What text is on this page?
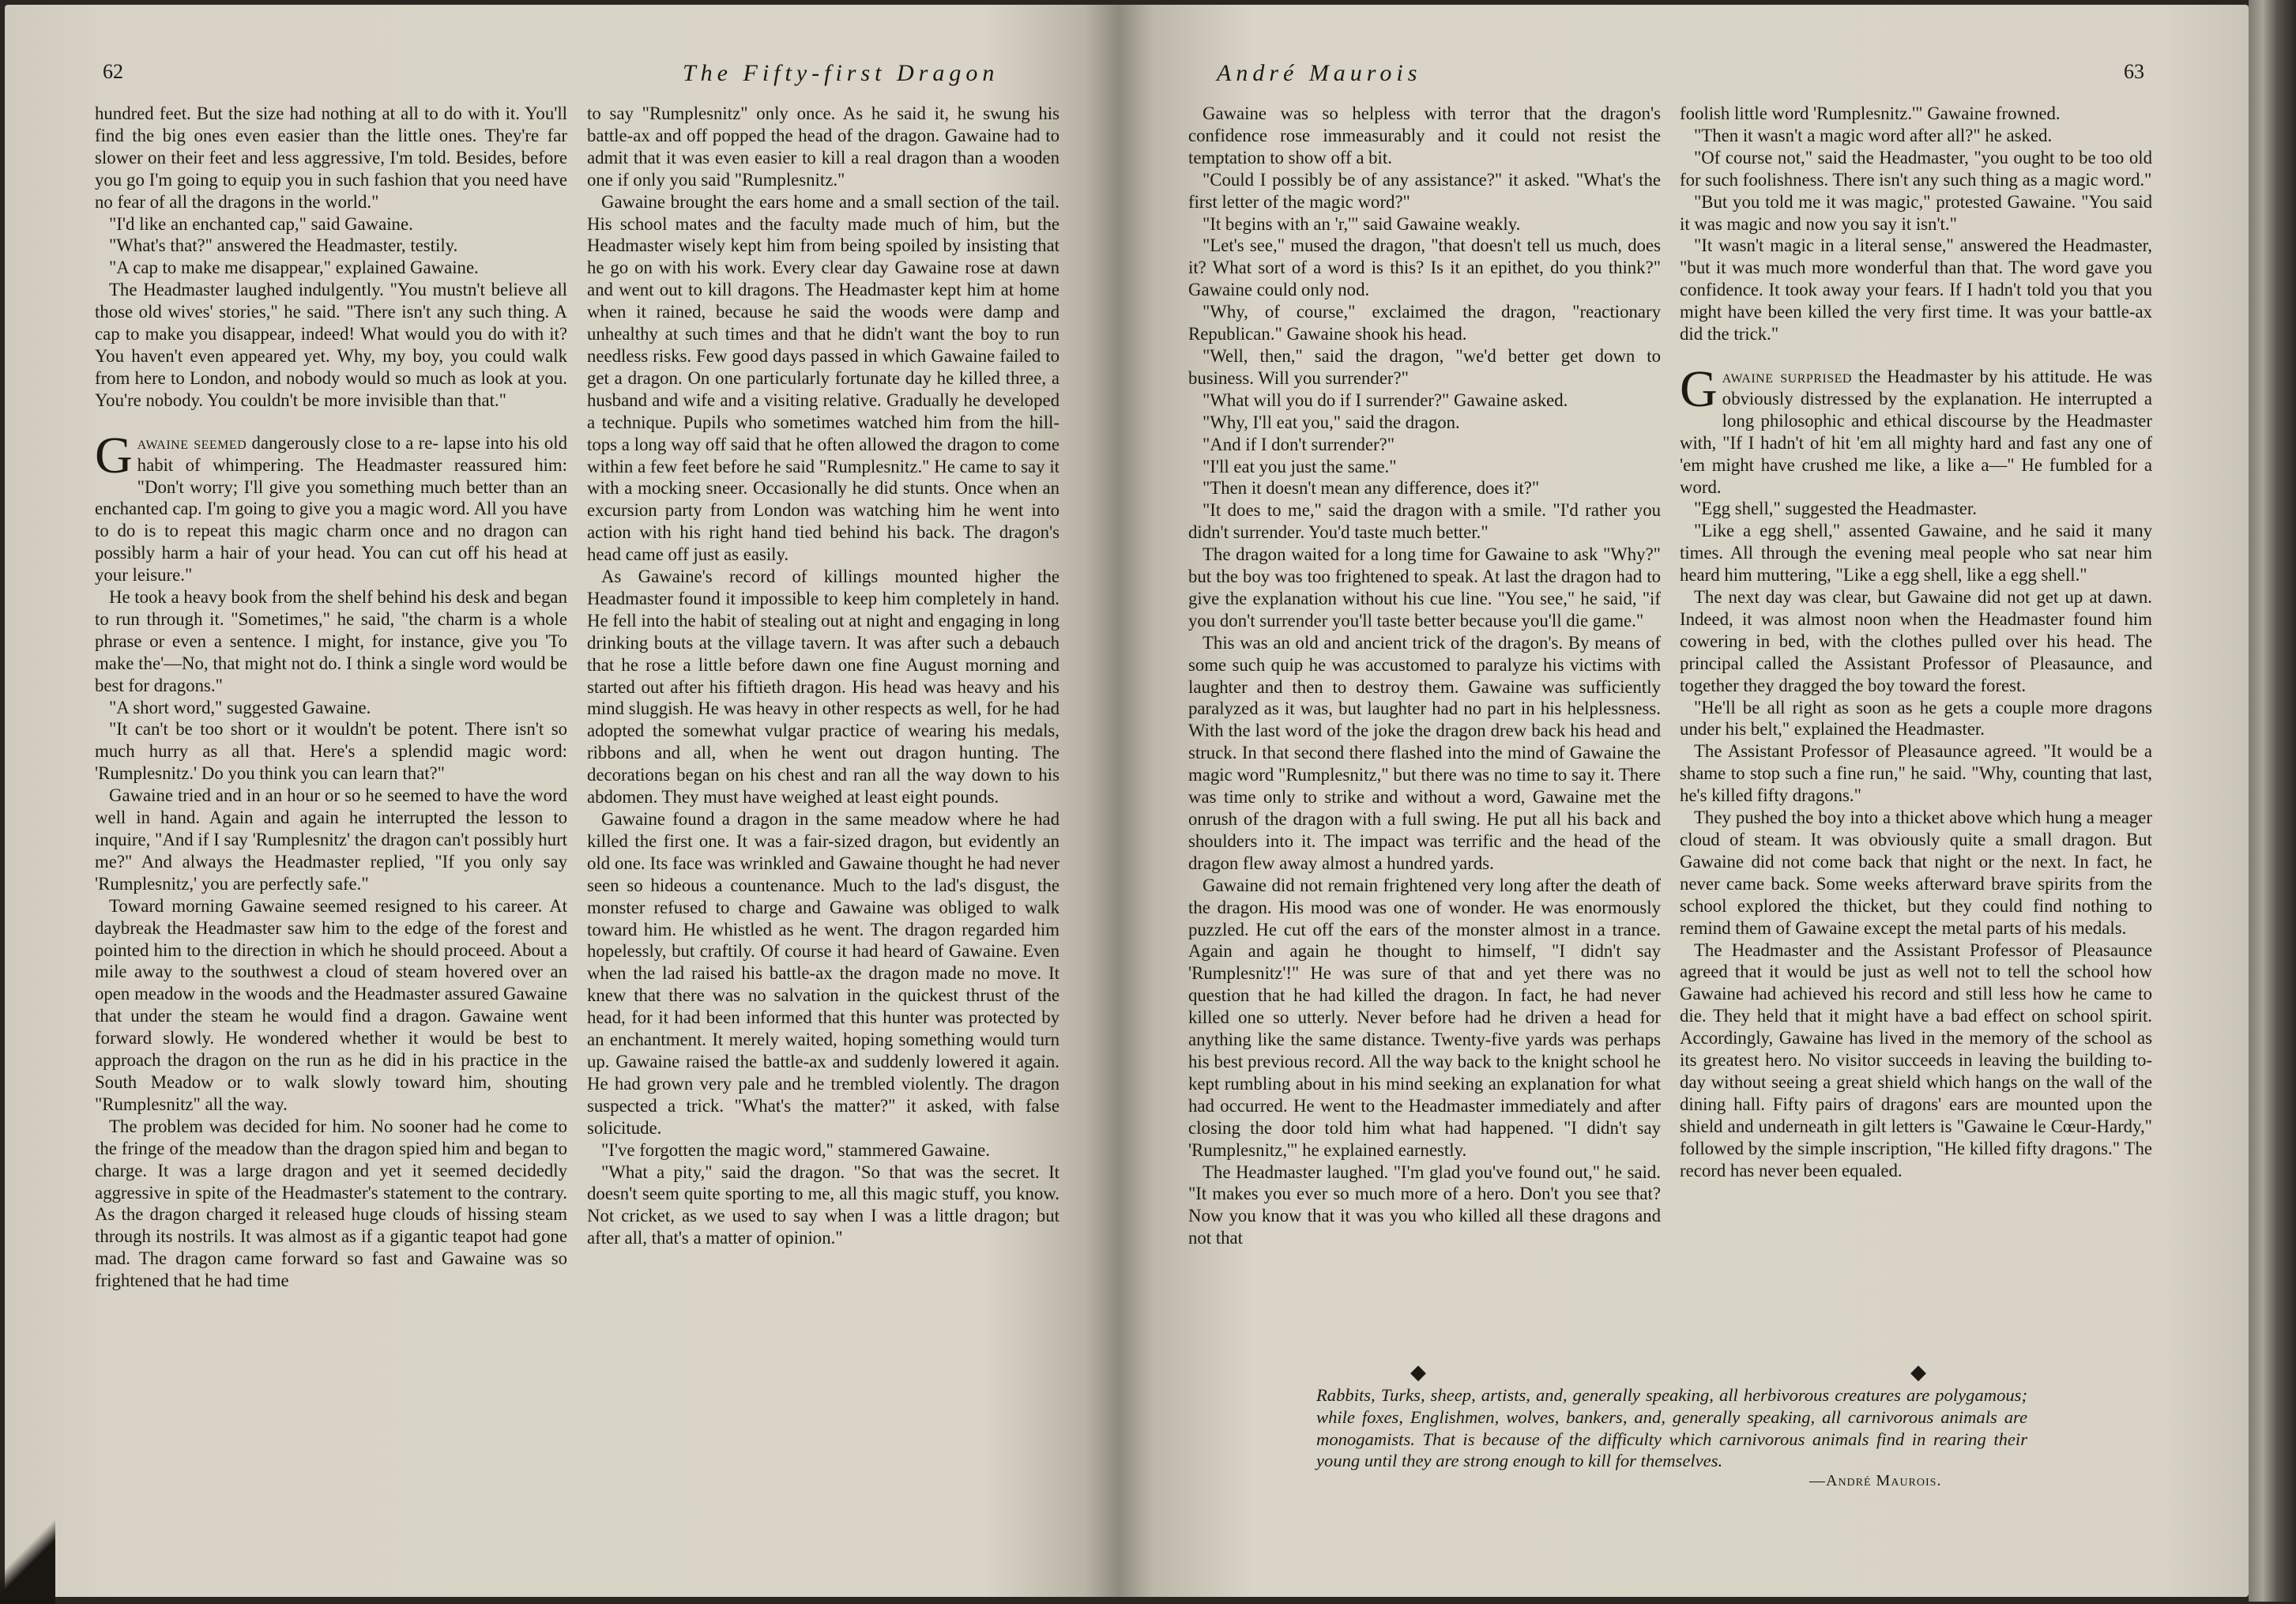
62	The Fifty-first Dragon

hundred feet. But the size had nothing at all to do with it. You'll find the big ones even easier than the little ones. They're far slower on their feet and less aggressive, I'm told. Besides, before you go I'm going to equip you in such fashion that you need have no fear of all the dragons in the world."

"I'd like an enchanted cap," said Gawaine.

"What's that?" answered the Headmaster, testily.

"A cap to make me disappear," explained Gawaine.

The Headmaster laughed indulgently. "You mustn't believe all those old wives' stories," he said. "There isn't any such thing. A cap to make you disappear, indeed! What would you do with it? You haven't even appeared yet. Why, my boy, you could walk from here to London, and nobody would so much as look at you. You're nobody. You couldn't be more invisible than that."

Gawaine seemed dangerously close to a re- lapse into his old habit of whimpering. The Headmaster reassured him: "Don't worry; I'll give you something much better than an enchanted cap. I'm going to give you a magic word. All you have to do is to repeat this magic charm once and no dragon can possibly harm a hair of your head. You can cut off his head at your leisure."

He took a heavy book from the shelf behind his desk and began to run through it. "Sometimes," he said, "the charm is a whole phrase or even a sentence. I might, for instance, give you 'To make the'—No, that might not do. I think a single word would be best for dragons."

"A short word," suggested Gawaine.

"It can't be too short or it wouldn't be potent. There isn't so much hurry as all that. Here's a splendid magic word: 'Rumplesnitz.' Do you think you can learn that?"

Gawaine tried and in an hour or so he seemed to have the word well in hand. Again and again he interrupted the lesson to inquire, "And if I say 'Rumplesnitz' the dragon can't possibly hurt me?" And always the Headmaster replied, "If you only say 'Rumplesnitz,' you are perfectly safe."

Toward morning Gawaine seemed resigned to his career. At daybreak the Headmaster saw him to the edge of the forest and pointed him to the direction in which he should proceed. About a mile away to the southwest a cloud of steam hovered over an open meadow in the woods and the Headmaster assured Gawaine that under the steam he would find a dragon. Gawaine went forward slowly. He wondered whether it would be best to approach the dragon on the run as he did in his practice in the South Meadow or to walk slowly toward him, shouting "Rumplesnitz" all the way.

The problem was decided for him. No sooner had he come to the fringe of the meadow than the dragon spied him and began to charge. It was a large dragon and yet it seemed decidedly aggressive in spite of the Headmaster's statement to the contrary. As the dragon charged it released huge clouds of hissing steam through its nostrils. It was almost as if a gigantic teapot had gone mad. The dragon came forward so fast and Gawaine was so frightened that he had time

to say "Rumplesnitz" only once. As he said it, he swung his battle-ax and off popped the head of the dragon. Gawaine had to admit that it was even easier to kill a real dragon than a wooden one if only you said "Rumplesnitz."

Gawaine brought the ears home and a small section of the tail. His school mates and the faculty made much of him, but the Headmaster wisely kept him from being spoiled by insisting that he go on with his work. Every clear day Gawaine rose at dawn and went out to kill dragons. The Headmaster kept him at home when it rained, because he said the woods were damp and unhealthy at such times and that he didn't want the boy to run needless risks. Few good days passed in which Gawaine failed to get a dragon. On one particularly fortunate day he killed three, a husband and wife and a visiting relative. Gradually he developed a technique. Pupils who sometimes watched him from the hill-tops a long way off said that he often allowed the dragon to come within a few feet before he said "Rumplesnitz." He came to say it with a mocking sneer. Occasionally he did stunts. Once when an excursion party from London was watching him he went into action with his right hand tied behind his back. The dragon's head came off just as easily.

As Gawaine's record of killings mounted higher the Headmaster found it impossible to keep him completely in hand. He fell into the habit of stealing out at night and engaging in long drinking bouts at the village tavern. It was after such a debauch that he rose a little before dawn one fine August morning and started out after his fiftieth dragon. His head was heavy and his mind sluggish. He was heavy in other respects as well, for he had adopted the somewhat vulgar practice of wearing his medals, ribbons and all, when he went out dragon hunting. The decorations began on his chest and ran all the way down to his abdomen. They must have weighed at least eight pounds.

Gawaine found a dragon in the same meadow where he had killed the first one. It was a fair-sized dragon, but evidently an old one. Its face was wrinkled and Gawaine thought he had never seen so hideous a countenance. Much to the lad's disgust, the monster refused to charge and Gawaine was obliged to walk toward him. He whistled as he went. The dragon regarded him hopelessly, but craftily. Of course it had heard of Gawaine. Even when the lad raised his battle-ax the dragon made no move. It knew that there was no salvation in the quickest thrust of the head, for it had been informed that this hunter was protected by an enchantment. It merely waited, hoping something would turn up. Gawaine raised the battle-ax and suddenly lowered it again. He had grown very pale and he trembled violently. The dragon suspected a trick. "What's the matter?" it asked, with false solicitude.

"I've forgotten the magic word," stammered Gawaine.

"What a pity," said the dragon. "So that was the secret. It doesn't seem quite sporting to me, all this magic stuff, you know. Not cricket, as we used to say when I was a little dragon; but after all, that's a matter of opinion."

André Maurois	63

Gawaine was so helpless with terror that the dragon's confidence rose immeasurably and it could not resist the temptation to show off a bit.

"Could I possibly be of any assistance?" it asked. "What's the first letter of the magic word?"

"It begins with an 'r,'" said Gawaine weakly.

"Let's see," mused the dragon, "that doesn't tell us much, does it? What sort of a word is this? Is it an epithet, do you think?" Gawaine could only nod.

"Why, of course," exclaimed the dragon, "reactionary Republican." Gawaine shook his head.

"Well, then," said the dragon, "we'd better get down to business. Will you surrender?"

"What will you do if I surrender?" Gawaine asked.

"Why, I'll eat you," said the dragon.

"And if I don't surrender?"

"I'll eat you just the same."

"Then it doesn't mean any difference, does it?"

"It does to me," said the dragon with a smile. "I'd rather you didn't surrender. You'd taste much better."

The dragon waited for a long time for Gawaine to ask "Why?" but the boy was too frightened to speak. At last the dragon had to give the explanation without his cue line. "You see," he said, "if you don't surrender you'll taste better because you'll die game."

This was an old and ancient trick of the dragon's. By means of some such quip he was accustomed to paralyze his victims with laughter and then to destroy them. Gawaine was sufficiently paralyzed as it was, but laughter had no part in his helplessness. With the last word of the joke the dragon drew back his head and struck. In that second there flashed into the mind of Gawaine the magic word "Rumplesnitz," but there was no time to say it. There was time only to strike and without a word, Gawaine met the onrush of the dragon with a full swing. He put all his back and shoulders into it. The impact was terrific and the head of the dragon flew away almost a hundred yards.

Gawaine did not remain frightened very long after the death of the dragon. His mood was one of wonder. He was enormously puzzled. He cut off the ears of the monster almost in a trance. Again and again he thought to himself, "I didn't say 'Rumplesnitz'!" He was sure of that and yet there was no question that he had killed the dragon. In fact, he had never killed one so utterly. Never before had he driven a head for anything like the same distance. Twenty-five yards was perhaps his best previous record. All the way back to the knight school he kept rumbling about in his mind seeking an explanation for what had occurred. He went to the Headmaster immediately and after closing the door told him what had happened. "I didn't say 'Rumplesnitz,'" he explained earnestly.

The Headmaster laughed. "I'm glad you've found out," he said. "It makes you ever so much more of a hero. Don't you see that? Now you know that it was you who killed all these dragons and not that

foolish little word 'Rumplesnitz.'" Gawaine frowned.

"Then it wasn't a magic word after all?" he asked.

"Of course not," said the Headmaster, "you ought to be too old for such foolishness. There isn't any such thing as a magic word."

"But you told me it was magic," protested Gawaine. "You said it was magic and now you say it isn't."

"It wasn't magic in a literal sense," answered the Headmaster, "but it was much more wonderful than that. The word gave you confidence. It took away your fears. If I hadn't told you that you might have been killed the very first time. It was your battle-ax did the trick."

Gawaine surprised the Headmaster by his attitude. He was obviously distressed by the explanation. He interrupted a long philosophic and ethical discourse by the Headmaster with, "If I hadn't of hit 'em all mighty hard and fast any one of 'em might have crushed me like, a like a—" He fumbled for a word.

"Egg shell," suggested the Headmaster.

"Like a egg shell," assented Gawaine, and he said it many times. All through the evening meal people who sat near him heard him muttering, "Like a egg shell, like a egg shell."

The next day was clear, but Gawaine did not get up at dawn. Indeed, it was almost noon when the Headmaster found him cowering in bed, with the clothes pulled over his head. The principal called the Assistant Professor of Pleasaunce, and together they dragged the boy toward the forest.

"He'll be all right as soon as he gets a couple more dragons under his belt," explained the Headmaster.

The Assistant Professor of Pleasaunce agreed. "It would be a shame to stop such a fine run," he said. "Why, counting that last, he's killed fifty dragons."

They pushed the boy into a thicket above which hung a meager cloud of steam. It was obviously quite a small dragon. But Gawaine did not come back that night or the next. In fact, he never came back. Some weeks afterward brave spirits from the school explored the thicket, but they could find nothing to remind them of Gawaine except the metal parts of his medals.

The Headmaster and the Assistant Professor of Pleasaunce agreed that it would be just as well not to tell the school how Gawaine had achieved his record and still less how he came to die. They held that it might have a bad effect on school spirit. Accordingly, Gawaine has lived in the memory of the school as its greatest hero. No visitor succeeds in leaving the building to-day without seeing a great shield which hangs on the wall of the dining hall. Fifty pairs of dragons' ears are mounted upon the shield and underneath in gilt letters is "Gawaine le Cœur-Hardy," followed by the simple inscription, "He killed fifty dragons." The record has never been equaled.

◆	◆
Rabbits, Turks, sheep, artists, and, generally speaking, all herbivorous creatures are polygamous; while foxes, Englishmen, wolves, bankers, and, generally speaking, all carnivorous animals are monogamists. That is because of the difficulty which carnivorous animals find in rearing their young until they are strong enough to kill for themselves.
—André Maurois.
